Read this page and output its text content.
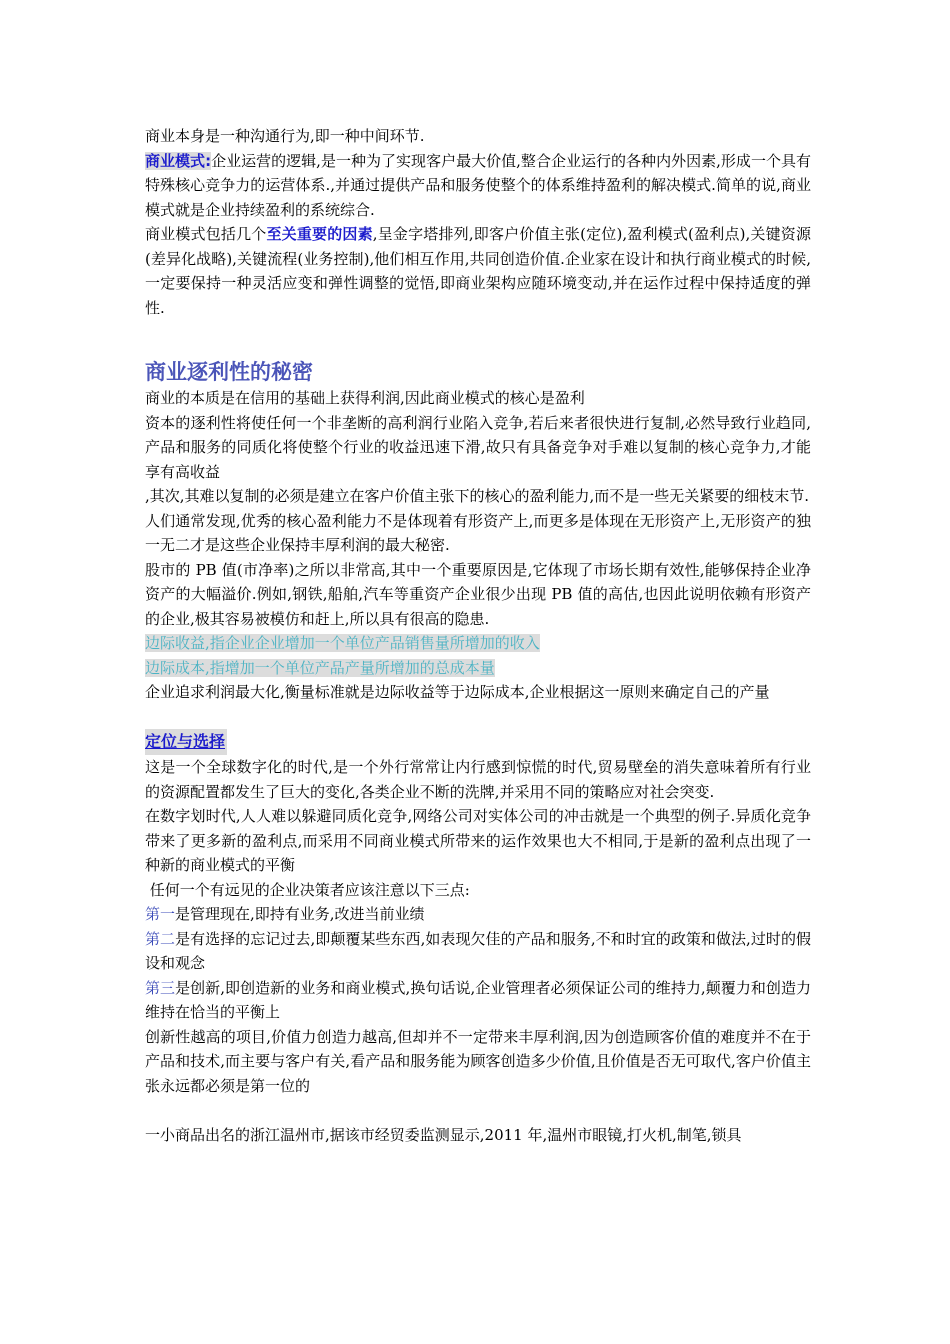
商业本身是一种沟通行为,即一种中间环节.

商业模式:企业运营的逻辑,是一种为了实现客户最大价值,整合企业运行的各种内外因素,形成一个具有特殊核心竞争力的运营体系.,并通过提供产品和服务使整个的体系维持盈利的解决模式.简单的说,商业模式就是企业持续盈利的系统综合.

商业模式包括几个至关重要的因素,呈金字塔排列,即客户价值主张(定位),盈利模式(盈利点),关键资源(差异化战略),关键流程(业务控制),他们相互作用,共同创造价值.企业家在设计和执行商业模式的时候,一定要保持一种灵活应变和弹性调整的觉悟,即商业架构应随环境变动,并在运作过程中保持适度的弹性.

商业逐利性的秘密

商业的本质是在信用的基础上获得利润,因此商业模式的核心是盈利

资本的逐利性将使任何一个非垄断的高利润行业陷入竞争,若后来者很快进行复制,必然导致行业趋同,产品和服务的同质化将使整个行业的收益迅速下滑,故只有具备竞争对手难以复制的核心竞争力,才能享有高收益

,其次,其难以复制的必须是建立在客户价值主张下的核心的盈利能力,而不是一些无关紧要的细枝末节.

人们通常发现,优秀的核心盈利能力不是体现着有形资产上,而更多是体现在无形资产上,无形资产的独一无二才是这些企业保持丰厚利润的最大秘密.

股市的 PB 值(市净率)之所以非常高,其中一个重要原因是,它体现了市场长期有效性,能够保持企业净资产的大幅溢价.例如,钢铁,船舶,汽车等重资产企业很少出现 PB 值的高估,也因此说明依赖有形资产的企业,极其容易被模仿和赶上,所以具有很高的隐患.

边际收益,指企业企业增加一个单位产品销售量所增加的收入

边际成本,指增加一个单位产品产量所增加的总成本量

企业追求利润最大化,衡量标准就是边际收益等于边际成本,企业根据这一原则来确定自己的产量

定位与选择

这是一个全球数字化的时代,是一个外行常常让内行感到惊慌的时代,贸易壁垒的消失意味着所有行业的资源配置都发生了巨大的变化,各类企业不断的洗牌,并采用不同的策略应对社会突变.

在数字划时代,人人难以躲避同质化竞争,网络公司对实体公司的冲击就是一个典型的例子.异质化竞争带来了更多新的盈利点,而采用不同商业模式所带来的运作效果也大不相同,于是新的盈利点出现了一种新的商业模式的平衡

任何一个有远见的企业决策者应该注意以下三点:

第一是管理现在,即持有业务,改进当前业绩

第二是有选择的忘记过去,即颠覆某些东西,如表现欠佳的产品和服务,不和时宜的政策和做法,过时的假设和观念

第三是创新,即创造新的业务和商业模式,换句话说,企业管理者必须保证公司的维持力,颠覆力和创造力维持在恰当的平衡上

创新性越高的项目,价值力创造力越高,但却并不一定带来丰厚利润,因为创造顾客价值的难度并不在于产品和技术,而主要与客户有关,看产品和服务能为顾客创造多少价值,且价值是否无可取代,客户价值主张永远都必须是第一位的

一小商品出名的浙江温州市,据该市经贸委监测显示,2011 年,温州市眼镜,打火机,制笔,锁具
